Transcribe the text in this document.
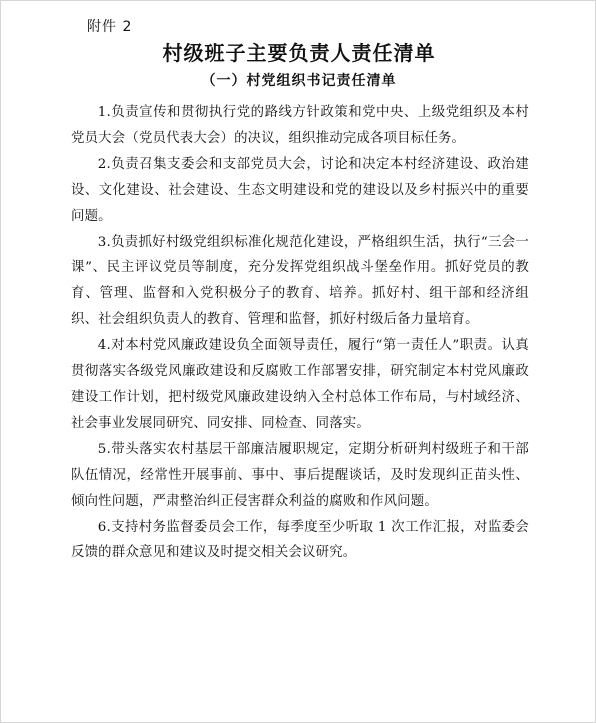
附件 2
村级班子主要负责人责任清单
（一）村党组织书记责任清单

1.负责宣传和贯彻执行党的路线方针政策和党中央、上级党组织及本村党员大会（党员代表大会）的决议，组织推动完成各项目标任务。

2.负责召集支委会和支部党员大会，讨论和决定本村经济建设、政治建设、文化建设、社会建设、生态文明建设和党的建设以及乡村振兴中的重要问题。

3.负责抓好村级党组织标准化规范化建设，严格组织生活，执行“三会一课”、民主评议党员等制度，充分发挥党组织战斗堡垒作用。抓好党员的教育、管理、监督和入党积极分子的教育、培养。抓好村、组干部和经济组织、社会组织负责人的教育、管理和监督，抓好村级后备力量培育。

4.对本村党风廉政建设负全面领导责任，履行“第一责任人”职责。认真贯彻落实各级党风廉政建设和反腐败工作部署安排，研究制定本村党风廉政建设工作计划，把村级党风廉政建设纳入全村总体工作布局，与村域经济、社会事业发展同研究、同安排、同检查、同落实。

5.带头落实农村基层干部廉洁履职规定，定期分析研判村级班子和干部队伍情况，经常性开展事前、事中、事后提醒谈话，及时发现纠正苗头性、倾向性问题，严肃整治纠正侵害群众利益的腐败和作风问题。

6.支持村务监督委员会工作，每季度至少听取 1 次工作汇报，对监委会反馈的群众意见和建议及时提交相关会议研究。
